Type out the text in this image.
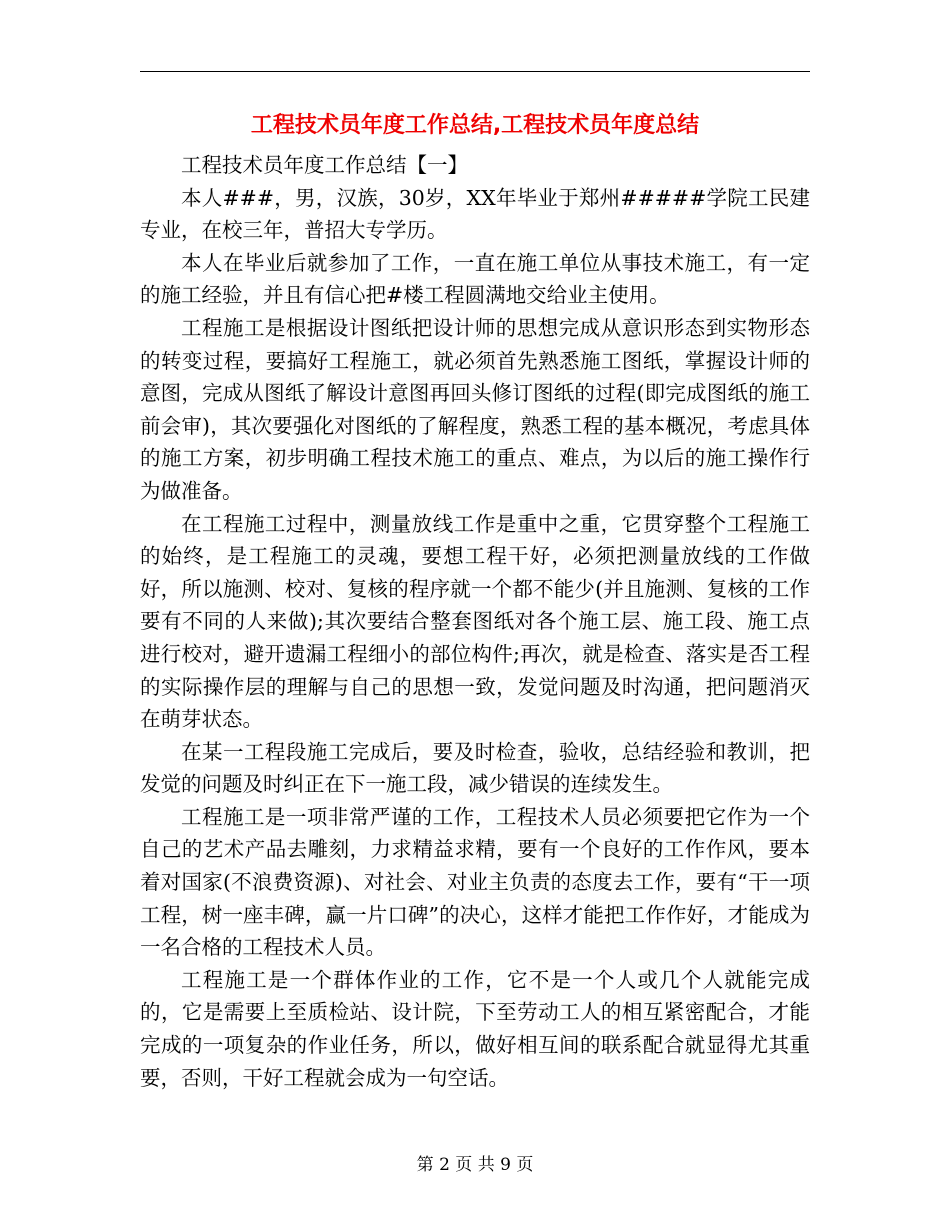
工程技术员年度工作总结,工程技术员年度总结

工程技术员年度工作总结【一】

本人###，男，汉族，30岁，XX年毕业于郑州#####学院工民建专业，在校三年，普招大专学历。

本人在毕业后就参加了工作，一直在施工单位从事技术施工，有一定的施工经验，并且有信心把#楼工程圆满地交给业主使用。

工程施工是根据设计图纸把设计师的思想完成从意识形态到实物形态的转变过程，要搞好工程施工，就必须首先熟悉施工图纸，掌握设计师的意图，完成从图纸了解设计意图再回头修订图纸的过程(即完成图纸的施工前会审)，其次要强化对图纸的了解程度，熟悉工程的基本概况，考虑具体的施工方案，初步明确工程技术施工的重点、难点，为以后的施工操作行为做准备。

在工程施工过程中，测量放线工作是重中之重，它贯穿整个工程施工的始终，是工程施工的灵魂，要想工程干好，必须把测量放线的工作做好，所以施测、校对、复核的程序就一个都不能少(并且施测、复核的工作要有不同的人来做);其次要结合整套图纸对各个施工层、施工段、施工点进行校对，避开遗漏工程细小的部位构件;再次，就是检查、落实是否工程的实际操作层的理解与自己的思想一致，发觉问题及时沟通，把问题消灭在萌芽状态。

在某一工程段施工完成后，要及时检查，验收，总结经验和教训，把发觉的问题及时纠正在下一施工段，减少错误的连续发生。

工程施工是一项非常严谨的工作，工程技术人员必须要把它作为一个自己的艺术产品去雕刻，力求精益求精，要有一个良好的工作作风，要本着对国家(不浪费资源)、对社会、对业主负责的态度去工作，要有“干一项工程，树一座丰碑，赢一片口碑”的决心，这样才能把工作作好，才能成为一名合格的工程技术人员。

工程施工是一个群体作业的工作，它不是一个人或几个人就能完成的，它是需要上至质检站、设计院，下至劳动工人的相互紧密配合，才能完成的一项复杂的作业任务，所以，做好相互间的联系配合就显得尤其重要，否则，干好工程就会成为一句空话。

第 2 页 共 9 页
